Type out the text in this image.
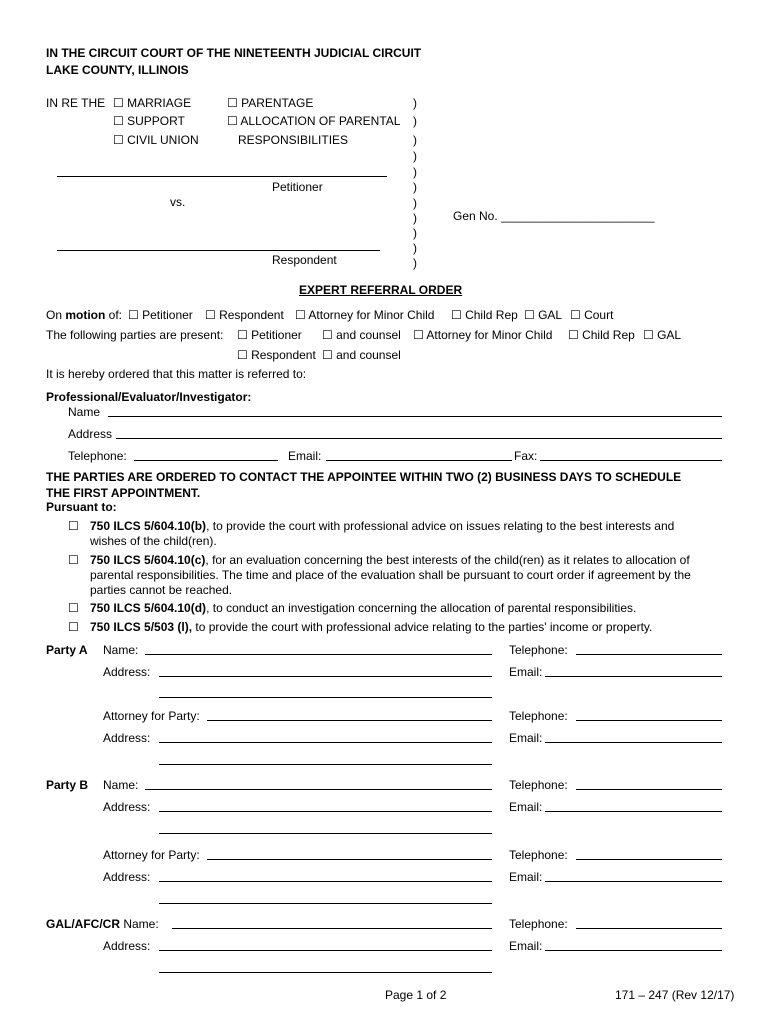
IN THE CIRCUIT COURT OF THE NINETEENTH JUDICIAL CIRCUIT
LAKE COUNTY, ILLINOIS
IN RE THE ☐ MARRIAGE
☐ SUPPORT
☐ CIVIL UNION
☐ PARENTAGE
☐ ALLOCATION OF PARENTAL
RESPONSIBILITIES
)
)
)
)
)
)
)
)
)
)
)
Petitioner
vs.
Gen No. _______________________
Respondent
EXPERT REFERRAL ORDER
On motion of: ☐ Petitioner ☐ Respondent ☐ Attorney for Minor Child ☐ Child Rep ☐ GAL ☐ Court
The following parties are present: ☐ Petitioner ☐ and counsel ☐ Attorney for Minor Child ☐ Child Rep ☐ GAL
☐ Respondent ☐ and counsel
It is hereby ordered that this matter is referred to:
Professional/Evaluator/Investigator:
Name
Address
Telephone:	Email:	Fax:
THE PARTIES ARE ORDERED TO CONTACT THE APPOINTEE WITHIN TWO (2) BUSINESS DAYS TO SCHEDULE
THE FIRST APPOINTMENT.
Pursuant to:
☐ 750 ILCS 5/604.10(b), to provide the court with professional advice on issues relating to the best interests and
wishes of the child(ren).
☐ 750 ILCS 5/604.10(c), for an evaluation concerning the best interests of the child(ren) as it relates to allocation of
parental responsibilities. The time and place of the evaluation shall be pursuant to court order if agreement by the
parties cannot be reached.
☐ 750 ILCS 5/604.10(d), to conduct an investigation concerning the allocation of parental responsibilities.
☐ 750 ILCS 5/503 (l), to provide the court with professional advice relating to the parties' income or property.
Party A Name:	Telephone:
Address:	Email:
Attorney for Party:	Telephone:
Address:	Email:
Party B Name:	Telephone:
Address:	Email:
Attorney for Party:	Telephone:
Address:	Email:
GAL/AFC/CR Name:	Telephone:
Address:	Email:
Page 1 of 2	171 – 247 (Rev 12/17)
